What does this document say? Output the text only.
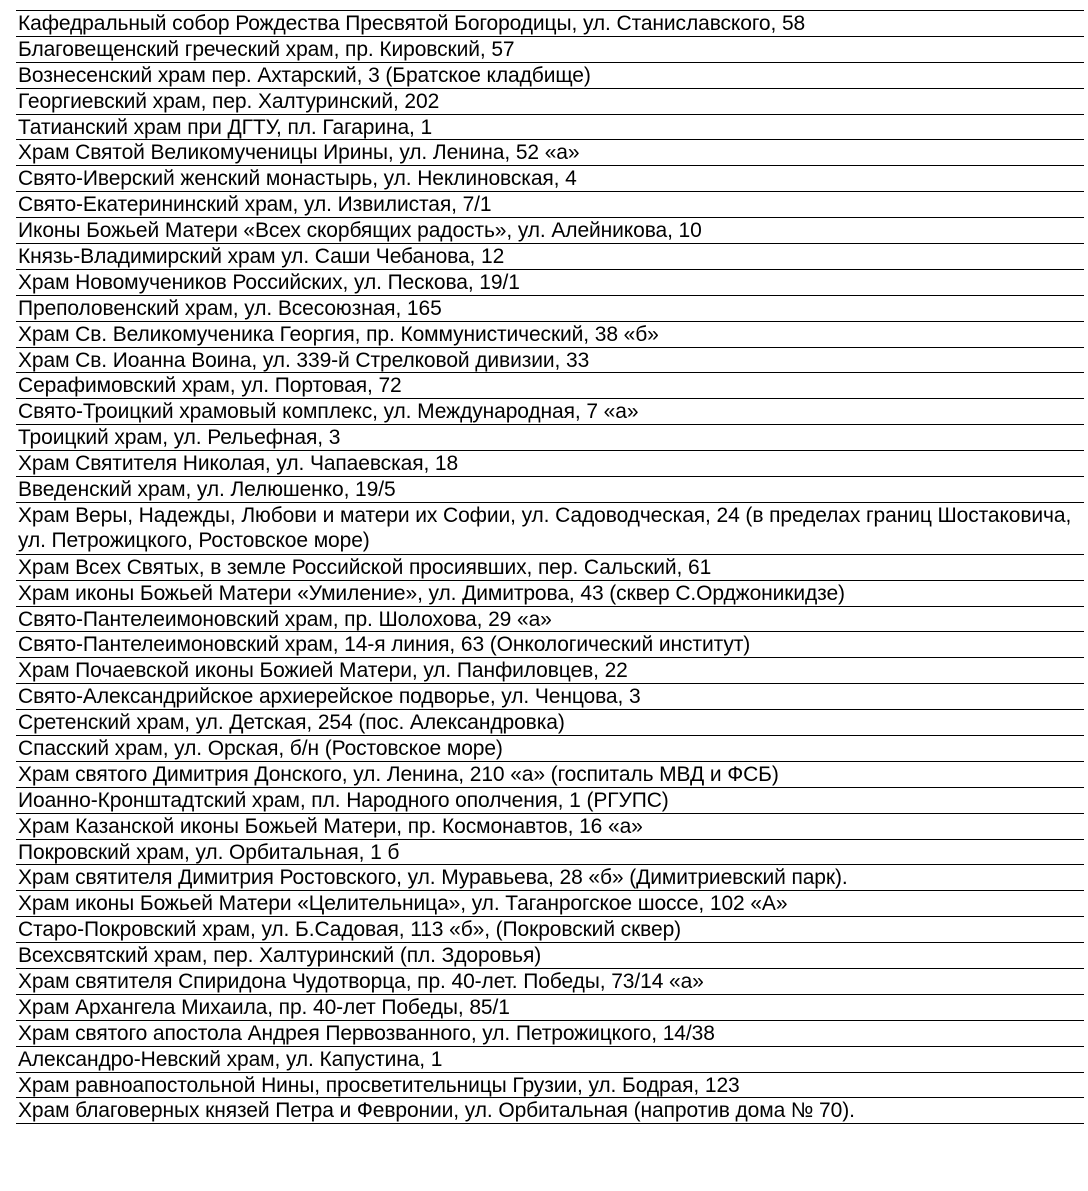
Кафедральный собор Рождества Пресвятой Богородицы, ул. Станиславского, 58
Благовещенский греческий храм, пр. Кировский, 57
Вознесенский храм пер. Ахтарский, 3 (Братское кладбище)
Георгиевский храм, пер. Халтуринский, 202
Татианский храм при ДГТУ, пл. Гагарина, 1
Храм Святой Великомученицы Ирины, ул. Ленина, 52 «а»
Свято-Иверский женский монастырь, ул. Неклиновская, 4
Свято-Екатерининский храм, ул. Извилистая, 7/1
Иконы Божьей Матери «Всех скорбящих радость», ул. Алейникова, 10
Князь-Владимирский храм ул. Саши Чебанова, 12
Храм Новомучеников Российских, ул. Пескова, 19/1
Преполовенский храм, ул. Всесоюзная, 165
Храм Св. Великомученика Георгия, пр. Коммунистический, 38 «б»
Храм Св. Иоанна Воина, ул. 339-й Стрелковой дивизии, 33
Серафимовский храм, ул. Портовая, 72
Свято-Троицкий храмовый комплекс, ул. Международная, 7 «а»
Троицкий храм, ул. Рельефная, 3
Храм Святителя Николая, ул. Чапаевская, 18
Введенский храм, ул. Лелюшенко, 19/5
Храм Веры, Надежды, Любови и матери их Софии, ул. Садоводческая, 24 (в пределах границ Шостаковича, ул. Петрожицкого, Ростовское море)
Храм Всех Святых, в земле Российской просиявших, пер. Сальский, 61
Храм иконы Божьей Матери «Умиление», ул. Димитрова, 43 (сквер С.Орджоникидзе)
Свято-Пантелеимоновский храм, пр. Шолохова, 29 «а»
Свято-Пантелеимоновский храм, 14-я линия, 63 (Онкологический институт)
Храм Почаевской иконы Божией Матери, ул. Панфиловцев, 22
Свято-Александрийское архиерейское подворье, ул. Ченцова, 3
Сретенский храм, ул. Детская, 254 (пос. Александровка)
Спасский храм, ул. Орская, б/н (Ростовское море)
Храм святого Димитрия Донского, ул. Ленина, 210 «а» (госпиталь МВД и ФСБ)
Иоанно-Кронштадтский храм, пл. Народного ополчения, 1 (РГУПС)
Храм Казанской иконы Божьей Матери, пр. Космонавтов, 16 «а»
Покровский храм, ул. Орбитальная, 1 б
Храм святителя Димитрия Ростовского, ул. Муравьева, 28 «б» (Димитриевский парк).
Храм иконы Божьей Матери «Целительница», ул. Таганрогское шоссе, 102 «А»
Старо-Покровский храм, ул. Б.Садовая, 113 «б», (Покровский сквер)
Всехсвятский храм, пер. Халтуринский (пл. Здоровья)
Храм святителя Спиридона Чудотворца, пр. 40-лет. Победы, 73/14 «а»
Храм Архангела Михаила, пр. 40-лет Победы, 85/1
Храм святого апостола Андрея Первозванного, ул. Петрожицкого, 14/38
Александро-Невский храм, ул. Капустина, 1
Храм равноапостольной Нины, просветительницы Грузии, ул. Бодрая, 123
Храм благоверных князей Петра и Февронии, ул. Орбитальная (напротив дома № 70).
